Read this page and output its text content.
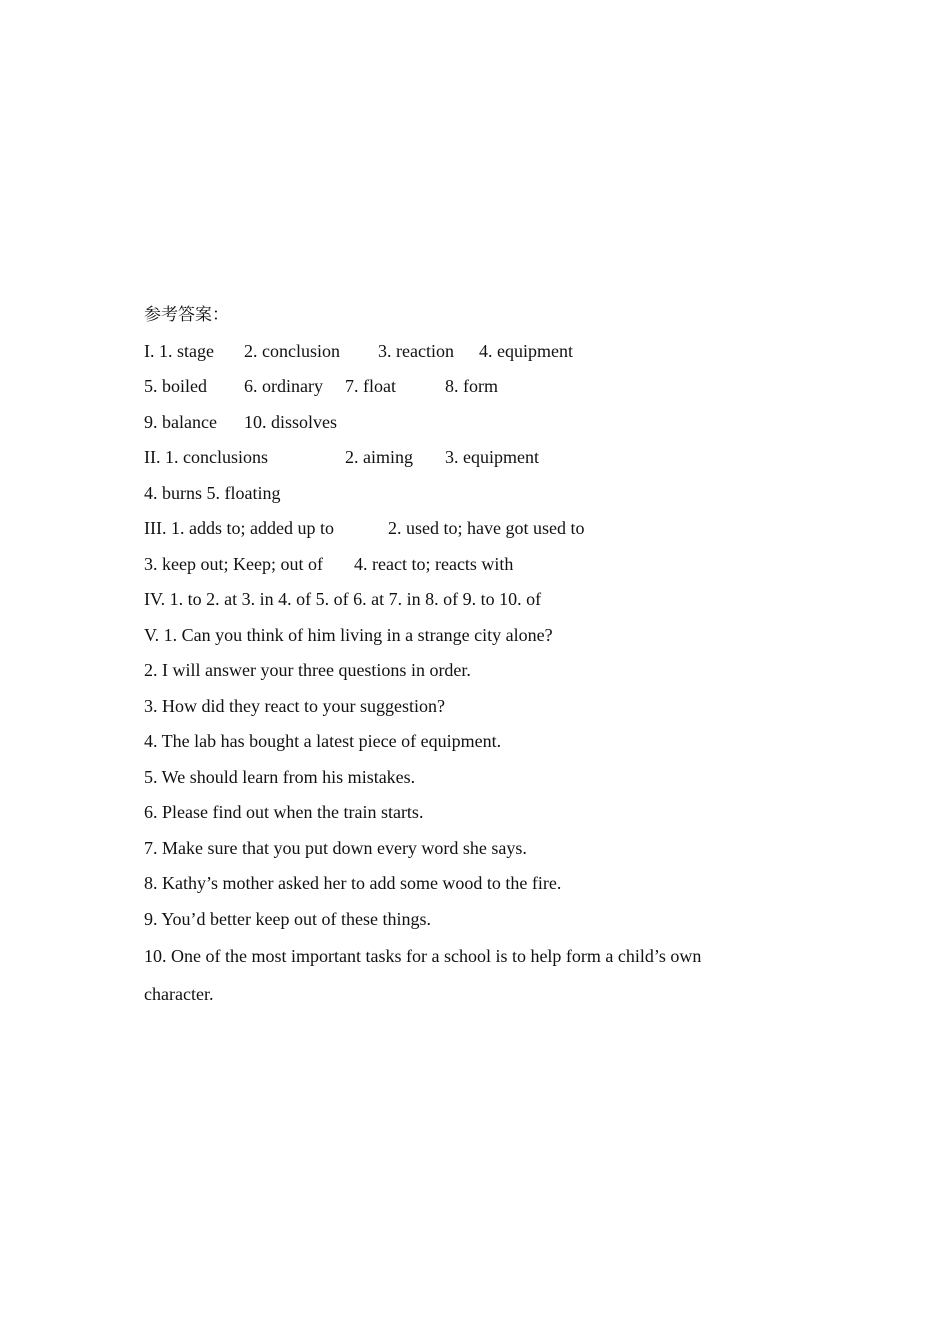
参考答案：
I. 1. stage 2. conclusion 3. reaction 4. equipment
5. boiled 6. ordinary 7. float	8. form
9. balance 10. dissolves
II. 1. conclusions	2. aiming 3. equipment
4. burns 5. floating
III. 1. adds to; added up to	2. used to; have got used to
3. keep out; Keep; out of 4. react to; reacts with
IV. 1. to 2. at 3. in 4. of 5. of 6. at 7. in 8. of 9. to 10. of
V. 1. Can you think of him living in a strange city alone?
2. I will answer your three questions in order.
3. How did they react to your suggestion?
4. The lab has bought a latest piece of equipment.
5. We should learn from his mistakes.
6. Please find out when the train starts.
7. Make sure that you put down every word she says.
8. Kathy’s mother asked her to add some wood to the fire.
9. You’d better keep out of these things.
10. One of the most important tasks for a school is to help form a child’s own
character.
